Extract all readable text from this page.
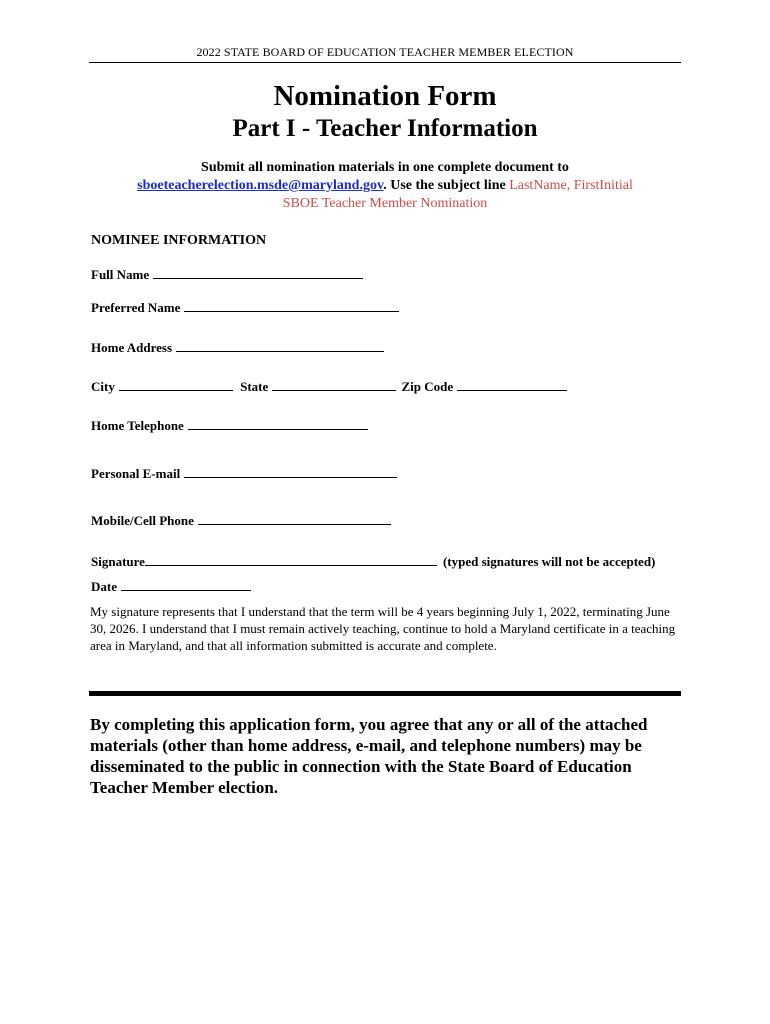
2022 STATE BOARD OF EDUCATION TEACHER MEMBER ELECTION
Nomination Form
Part I - Teacher Information
Submit all nomination materials in one complete document to
sboeteacherelection.msde@maryland.gov. Use the subject line LastName, FirstInitial
SBOE Teacher Member Nomination
NOMINEE INFORMATION
Full Name
Preferred Name
Home Address
City	State	Zip Code
Home Telephone
Personal E-mail
Mobile/Cell Phone
Signature	(typed signatures will not be accepted)
Date
My signature represents that I understand that the term will be 4 years beginning July 1, 2022, terminating June 30, 2026. I understand that I must remain actively teaching, continue to hold a Maryland certificate in a teaching area in Maryland, and that all information submitted is accurate and complete.
By completing this application form, you agree that any or all of the attached materials (other than home address, e-mail, and telephone numbers) may be disseminated to the public in connection with the State Board of Education Teacher Member election.
